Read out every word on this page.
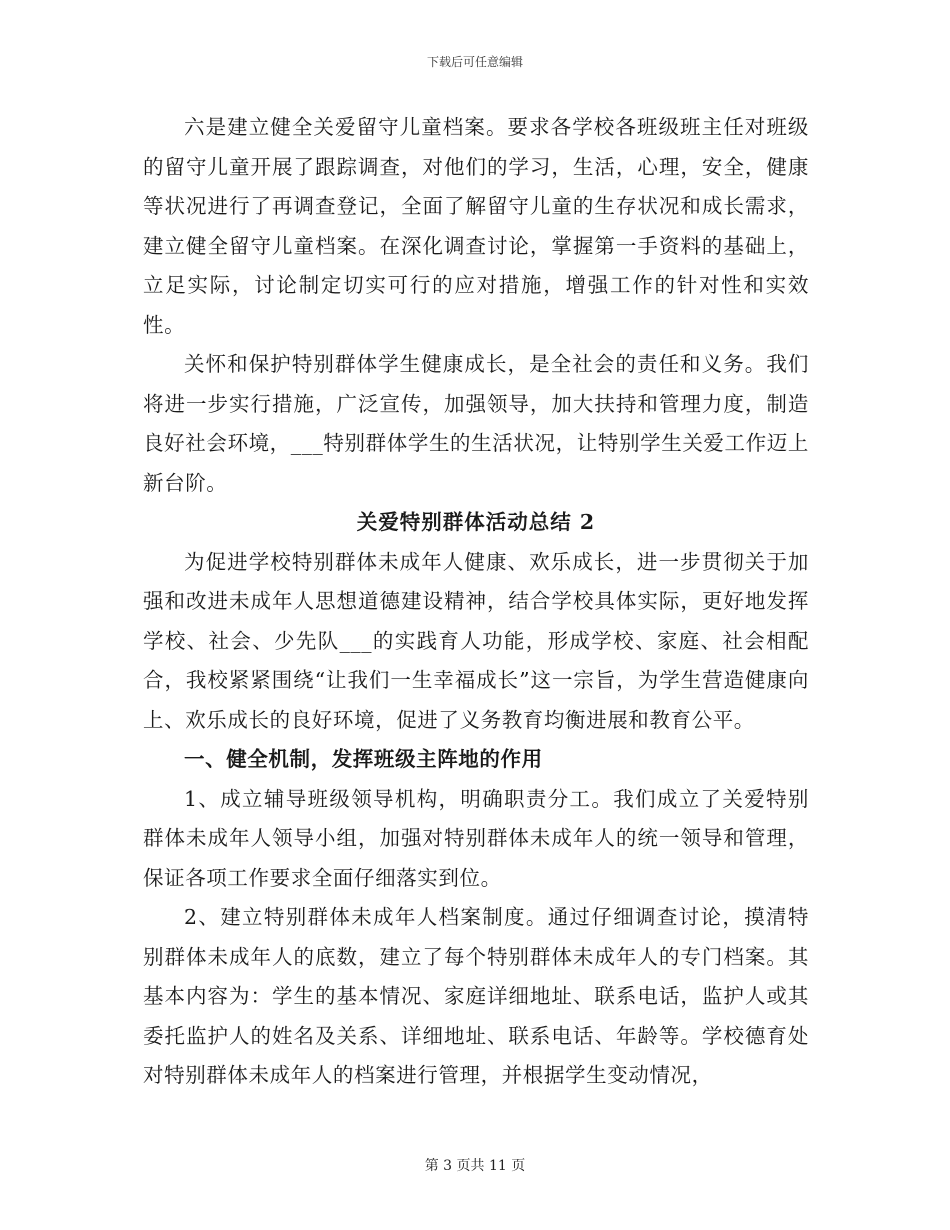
下载后可任意编辑

六是建立健全关爱留守儿童档案。要求各学校各班级班主任对班级的留守儿童开展了跟踪调查，对他们的学习，生活，心理，安全，健康等状况进行了再调查登记，全面了解留守儿童的生存状况和成长需求，建立健全留守儿童档案。在深化调查讨论，掌握第一手资料的基础上，立足实际，讨论制定切实可行的应对措施，增强工作的针对性和实效性。

关怀和保护特别群体学生健康成长，是全社会的责任和义务。我们将进一步实行措施，广泛宣传，加强领导，加大扶持和管理力度，制造良好社会环境，___特别群体学生的生活状况，让特别学生关爱工作迈上新台阶。

关爱特别群体活动总结 2

为促进学校特别群体未成年人健康、欢乐成长，进一步贯彻关于加强和改进未成年人思想道德建设精神，结合学校具体实际，更好地发挥学校、社会、少先队___的实践育人功能，形成学校、家庭、社会相配合，我校紧紧围绕“让我们一生幸福成长”这一宗旨，为学生营造健康向上、欢乐成长的良好环境，促进了义务教育均衡进展和教育公平。

一、健全机制，发挥班级主阵地的作用

1、成立辅导班级领导机构，明确职责分工。我们成立了关爱特别群体未成年人领导小组，加强对特别群体未成年人的统一领导和管理，保证各项工作要求全面仔细落实到位。

2、建立特别群体未成年人档案制度。通过仔细调查讨论，摸清特别群体未成年人的底数，建立了每个特别群体未成年人的专门档案。其基本内容为：学生的基本情况、家庭详细地址、联系电话，监护人或其委托监护人的姓名及关系、详细地址、联系电话、年龄等。学校德育处对特别群体未成年人的档案进行管理，并根据学生变动情况，

第 3 页共 11 页
